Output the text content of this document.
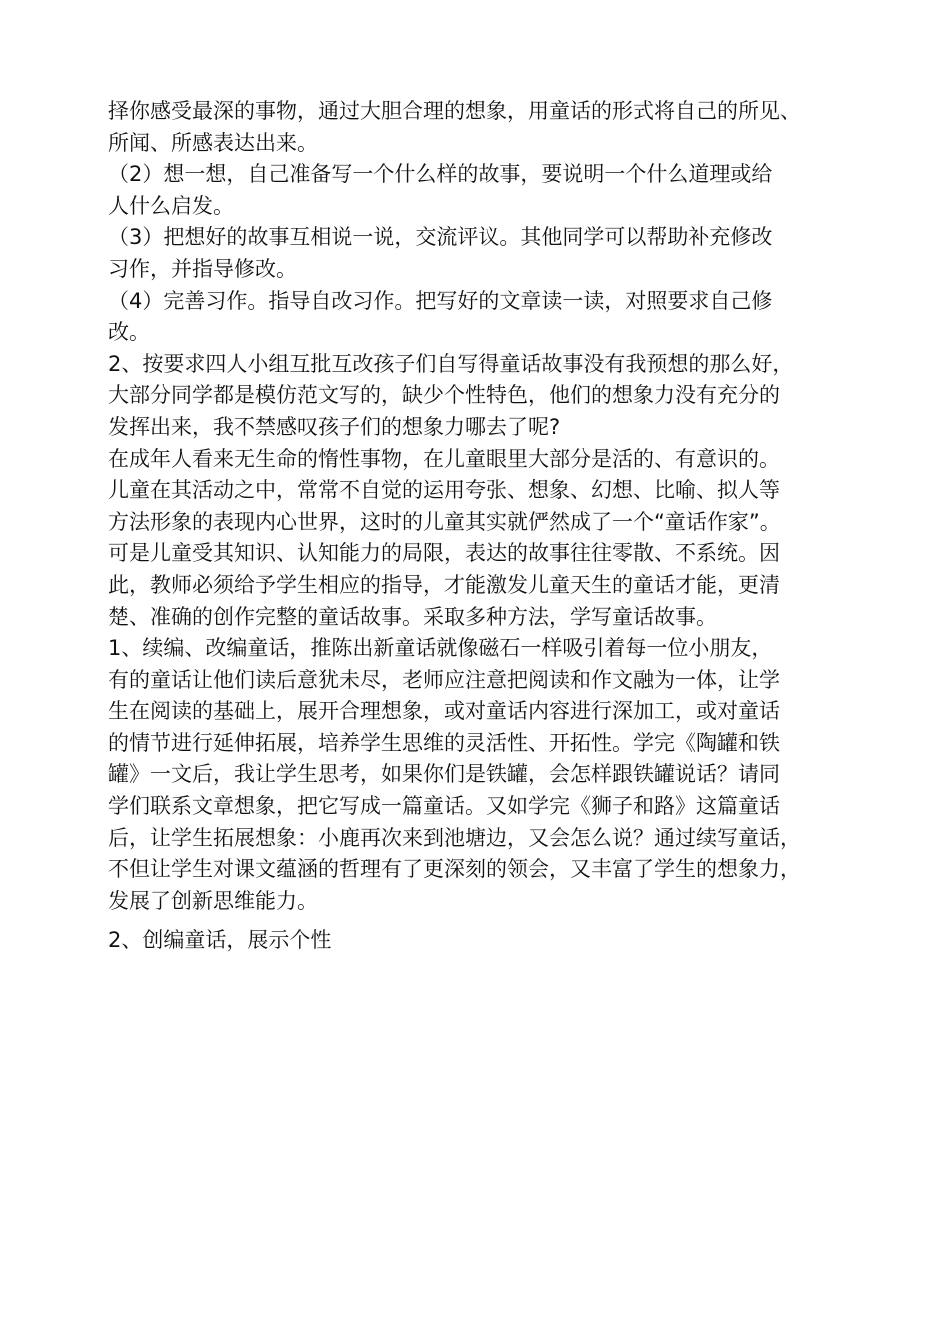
择你感受最深的事物，通过大胆合理的想象，用童话的形式将自己的所见、
所闻、所感表达出来。
（2）想一想，自己准备写一个什么样的故事，要说明一个什么道理或给
人什么启发。
（3）把想好的故事互相说一说，交流评议。其他同学可以帮助补充修改
习作，并指导修改。
（4）完善习作。指导自改习作。把写好的文章读一读，对照要求自己修
改。
2、按要求四人小组互批互改孩子们自写得童话故事没有我预想的那么好，
大部分同学都是模仿范文写的，缺少个性特色，他们的想象力没有充分的
发挥出来，我不禁感叹孩子们的想象力哪去了呢?
在成年人看来无生命的惰性事物，在儿童眼里大部分是活的、有意识的。
儿童在其活动之中，常常不自觉的运用夸张、想象、幻想、比喻、拟人等
方法形象的表现内心世界，这时的儿童其实就俨然成了一个“童话作家”。
可是儿童受其知识、认知能力的局限，表达的故事往往零散、不系统。因
此，教师必须给予学生相应的指导，才能激发儿童天生的童话才能，更清
楚、准确的创作完整的童话故事。采取多种方法，学写童话故事。
1、续编、改编童话，推陈出新童话就像磁石一样吸引着每一位小朋友，
有的童话让他们读后意犹未尽，老师应注意把阅读和作文融为一体，让学
生在阅读的基础上，展开合理想象，或对童话内容进行深加工，或对童话
的情节进行延伸拓展，培养学生思维的灵活性、开拓性。学完《陶罐和铁
罐》一文后，我让学生思考，如果你们是铁罐，会怎样跟铁罐说话？请同
学们联系文章想象，把它写成一篇童话。又如学完《狮子和路》这篇童话
后，让学生拓展想象：小鹿再次来到池塘边，又会怎么说？通过续写童话，
不但让学生对课文蕴涵的哲理有了更深刻的领会，又丰富了学生的想象力，
发展了创新思维能力。
2、创编童话，展示个性
